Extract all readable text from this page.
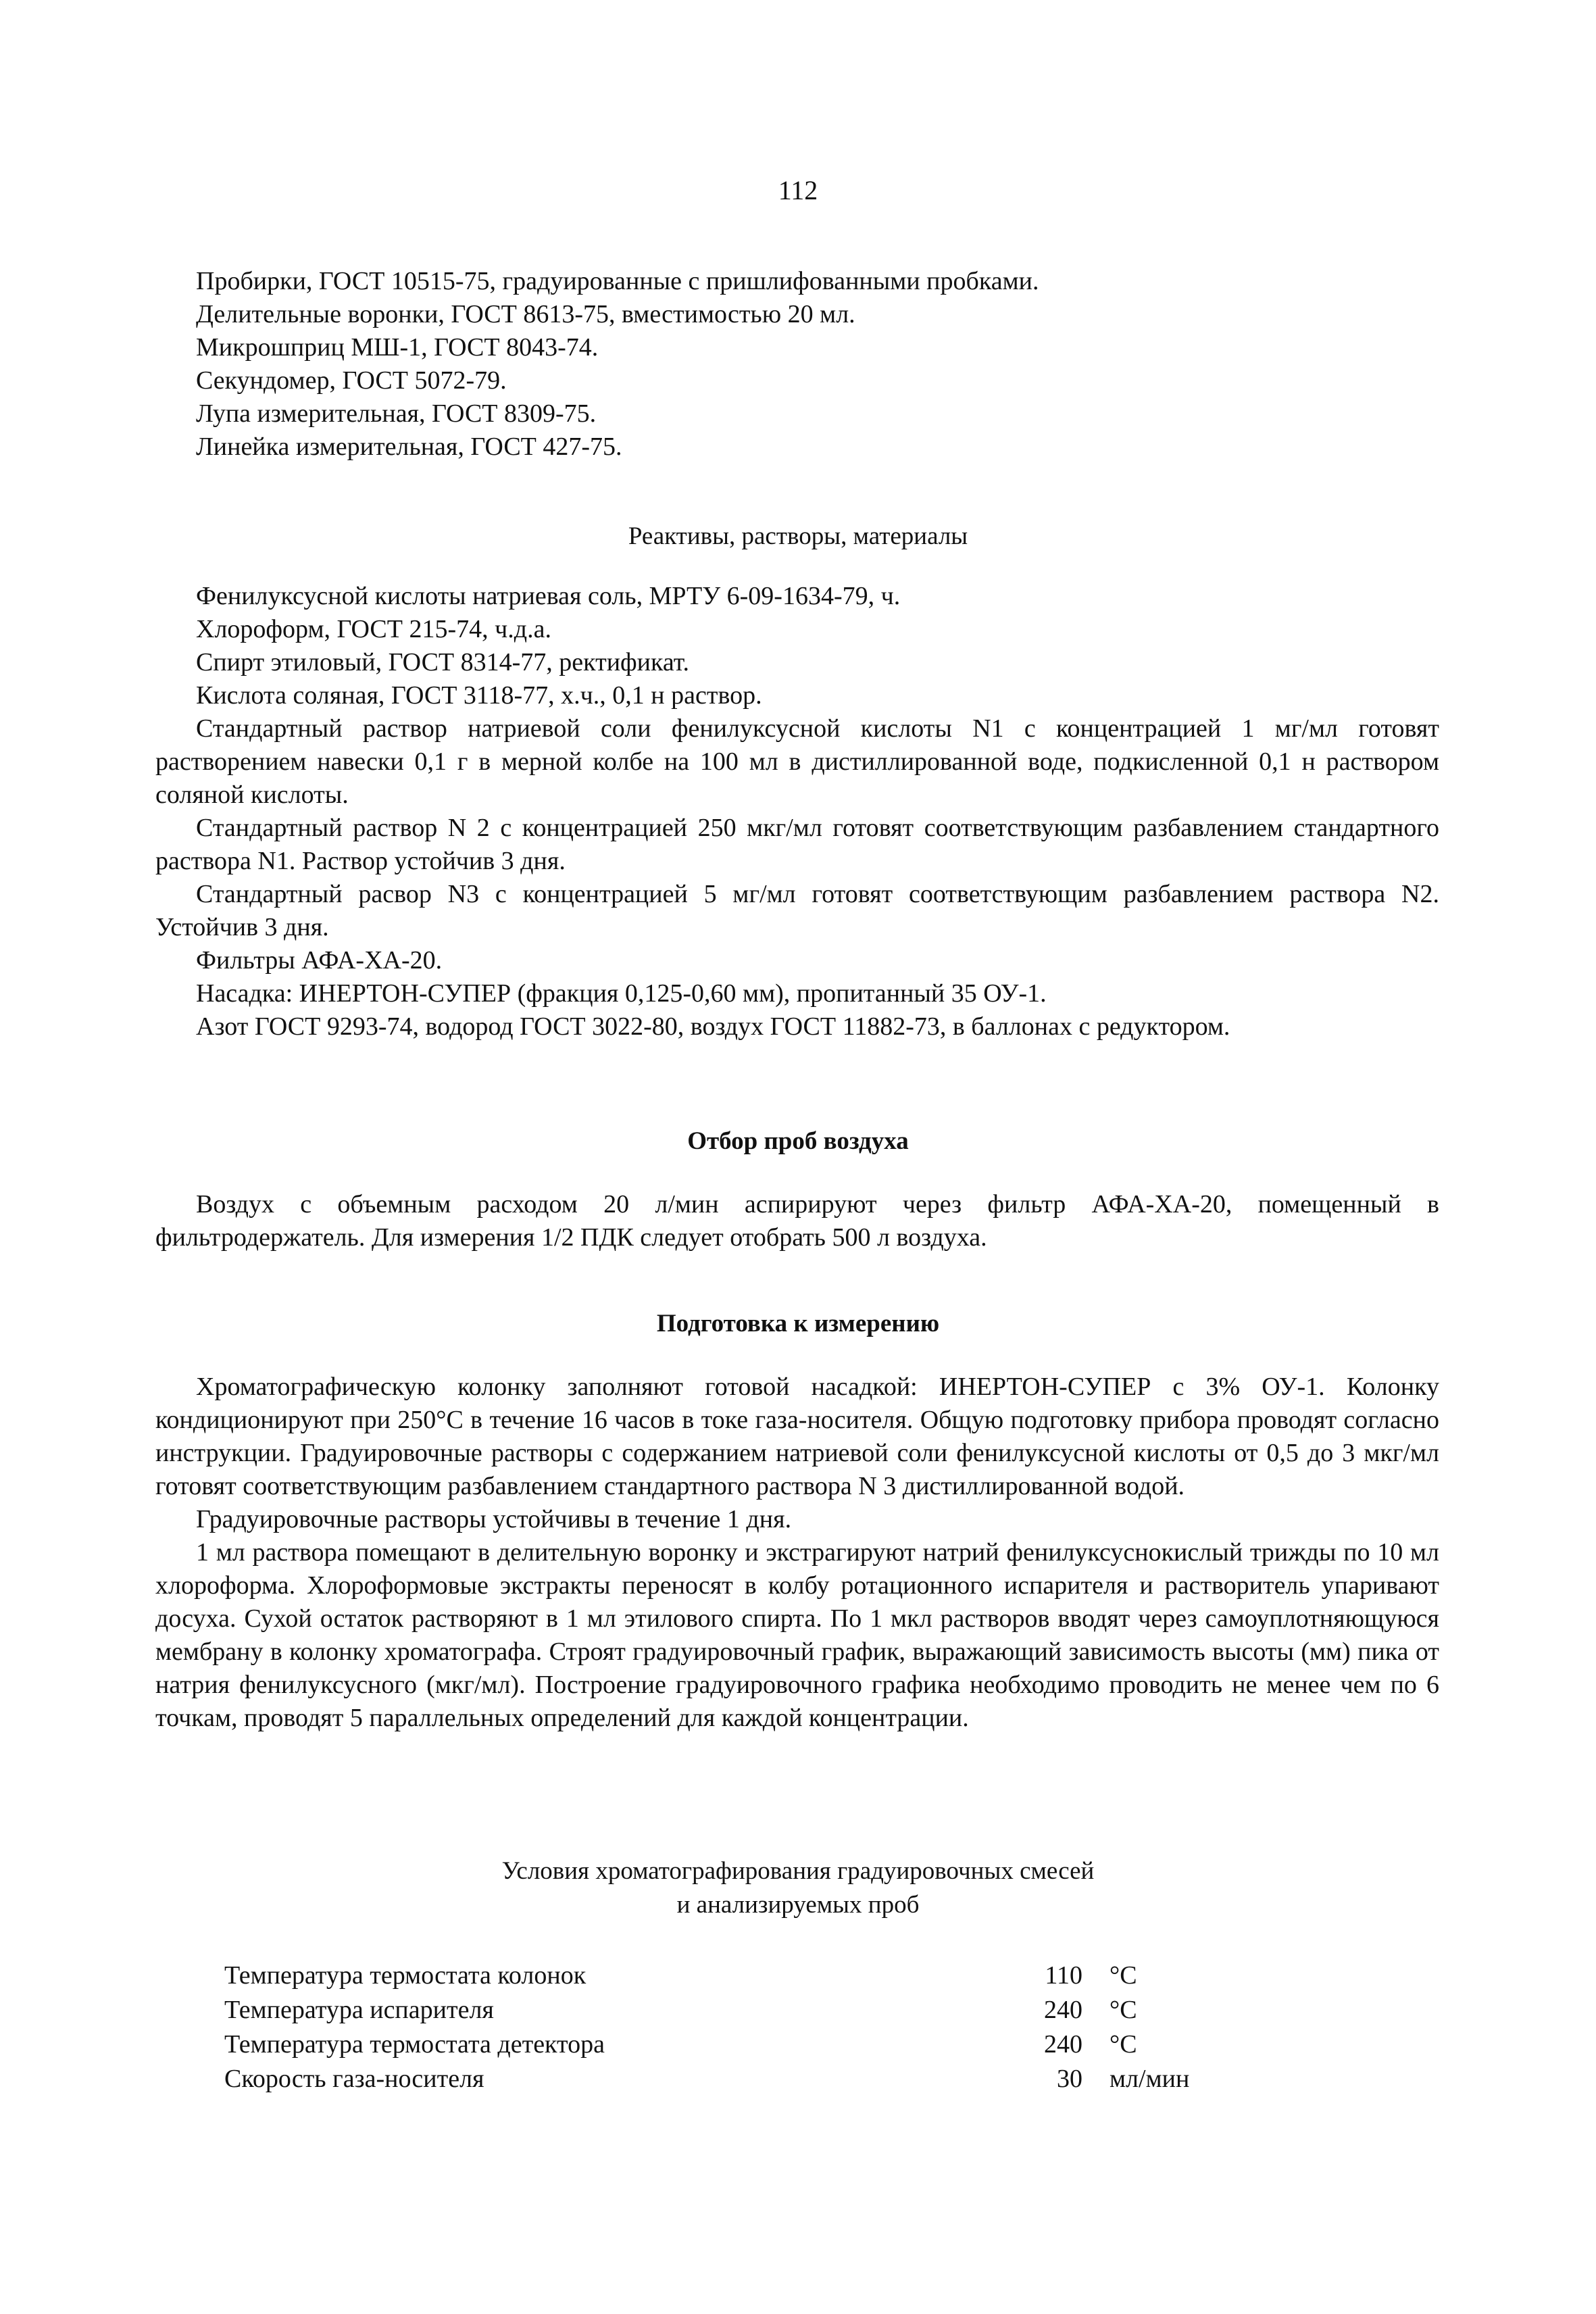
112

Пробирки, ГОСТ 10515-75, градуированные с пришлифованными пробками.

Делительные воронки, ГОСТ 8613-75, вместимостью 20 мл.

Микрошприц МШ-1, ГОСТ 8043-74.

Секундомер, ГОСТ 5072-79.

Лупа измерительная, ГОСТ 8309-75.

Линейка измерительная, ГОСТ 427-75.

Реактивы, растворы, материалы

Фенилуксусной кислоты натриевая соль, МРТУ 6-09-1634-79, ч.

Хлороформ, ГОСТ 215-74, ч.д.а.

Спирт этиловый, ГОСТ 8314-77, ректификат.

Кислота соляная, ГОСТ 3118-77, х.ч., 0,1 н раствор.

Стандартный раствор натриевой соли фенилуксусной кислоты N1 с концентрацией 1 мг/мл готовят растворением навески 0,1 г в мерной колбе на 100 мл в дистиллированной воде, подкисленной 0,1 н раствором соляной кислоты.

Стандартный раствор N 2 с концентрацией 250 мкг/мл готовят соответствующим разбавлением стандартного раствора N1. Раствор устойчив 3 дня.

Стандартный расвор N3 с концентрацией 5 мг/мл готовят соответствующим разбавлением раствора N2. Устойчив 3 дня.

Фильтры АФА-ХА-20.

Насадка: ИНЕРТОН-СУПЕР (фракция 0,125-0,60 мм), пропитанный 35 ОУ-1.

Азот ГОСТ 9293-74, водород ГОСТ 3022-80, воздух ГОСТ 11882-73, в баллонах с редуктором.

Отбор проб воздуха

Воздух с объемным расходом 20 л/мин аспирируют через фильтр АФА-ХА-20, помещенный в фильтродержатель. Для измерения 1/2 ПДК следует отобрать 500 л воздуха.

Подготовка к измерению

Хроматографическую колонку заполняют готовой насадкой: ИНЕРТОН-СУПЕР с 3% ОУ-1. Колонку кондиционируют при 250°С в течение 16 часов в токе газа-носителя. Общую подготовку прибора проводят согласно инструкции. Градуировочные растворы с содержанием натриевой соли фенилуксусной кислоты от 0,5 до 3 мкг/мл готовят соответствующим разбавлением стандартного раствора N 3 дистиллированной водой.

Градуировочные растворы устойчивы в течение 1 дня.

1 мл раствора помещают в делительную воронку и экстрагируют натрий фенилуксуснокислый трижды по 10 мл хлороформа. Хлороформовые экстракты переносят в колбу ротационного испарителя и растворитель упаривают досуха. Сухой остаток растворяют в 1 мл этилового спирта. По 1 мкл растворов вводят через самоуплотняющуюся мембрану в колонку хроматографа. Строят градуировочный график, выражающий зависимость высоты (мм) пика от натрия фенилуксусного (мкг/мл). Построение градуировочного графика необходимо проводить не менее чем по 6 точкам, проводят 5 параллельных определений для каждой концентрации.

Условия хроматографирования градуировочных смесей
и анализируемых проб
Температура термостата колонок	110	°С
Температура испарителя	240	°С
Температура термостата детектора	240	°С
Скорость газа-носителя	30	мл/мин
